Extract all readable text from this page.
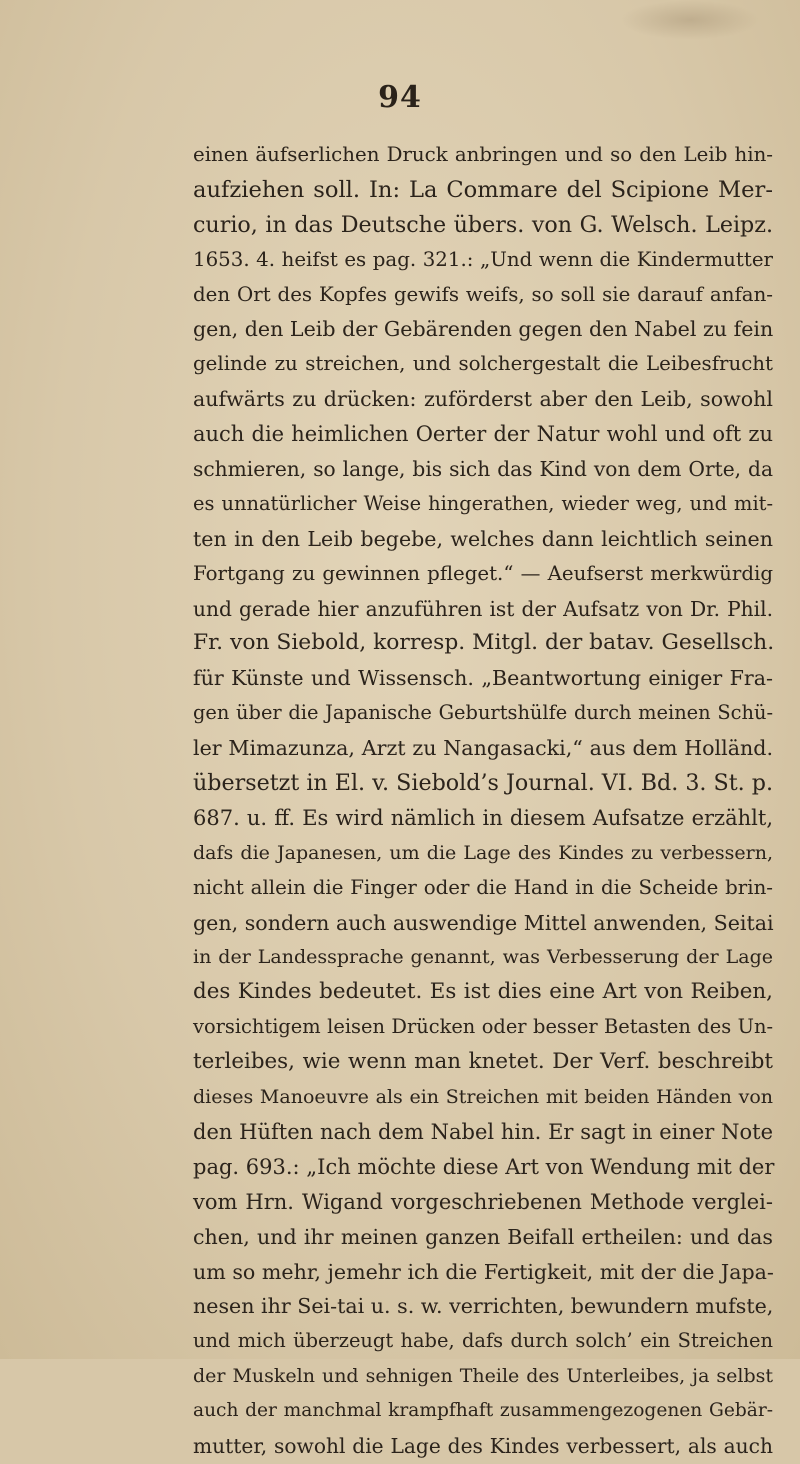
94
einen äufserlichen Druck anbringen und so den Leib hin-
aufziehen soll. In: La Commare del Scipione Mer-
curio, in das Deutsche übers. von G. Welsch. Leipz.
1653. 4. heifst es pag. 321.: „Und wenn die Kindermutter
den Ort des Kopfes gewifs weifs, so soll sie darauf anfan-
gen, den Leib der Gebärenden gegen den Nabel zu fein
gelinde zu streichen, und solchergestalt die Leibesfrucht
aufwärts zu drücken: zuförderst aber den Leib, sowohl
auch die heimlichen Oerter der Natur wohl und oft zu
schmieren, so lange, bis sich das Kind von dem Orte, da
es unnatürlicher Weise hingerathen, wieder weg, und mit-
ten in den Leib begebe, welches dann leichtlich seinen
Fortgang zu gewinnen pfleget.“ — Aeufserst merkwürdig
und gerade hier anzuführen ist der Aufsatz von Dr. Phil.
Fr. von Siebold, korresp. Mitgl. der batav. Gesellsch.
für Künste und Wissensch. „Beantwortung einiger Fra-
gen über die Japanische Geburtshülfe durch meinen Schü-
ler Mimazunza, Arzt zu Nangasacki,“ aus dem Holländ.
übersetzt in El. v. Siebold’s Journal. VI. Bd. 3. St. p.
687. u. ff. Es wird nämlich in diesem Aufsatze erzählt,
dafs die Japanesen, um die Lage des Kindes zu verbessern,
nicht allein die Finger oder die Hand in die Scheide brin-
gen, sondern auch auswendige Mittel anwenden, Seitai
in der Landessprache genannt, was Verbesserung der Lage
des Kindes bedeutet. Es ist dies eine Art von Reiben,
vorsichtigem leisen Drücken oder besser Betasten des Un-
terleibes, wie wenn man knetet. Der Verf. beschreibt
dieses Manoeuvre als ein Streichen mit beiden Händen von
den Hüften nach dem Nabel hin. Er sagt in einer Note
pag. 693.: „Ich möchte diese Art von Wendung mit der
vom Hrn. Wigand vorgeschriebenen Methode verglei-
chen, und ihr meinen ganzen Beifall ertheilen: und das
um so mehr, jemehr ich die Fertigkeit, mit der die Japa-
nesen ihr Sei-tai u. s. w. verrichten, bewundern mufste,
und mich überzeugt habe, dafs durch solch’ ein Streichen
der Muskeln und sehnigen Theile des Unterleibes, ja selbst
auch der manchmal krampfhaft zusammengezogenen Gebär-
mutter, sowohl die Lage des Kindes verbessert, als auch
